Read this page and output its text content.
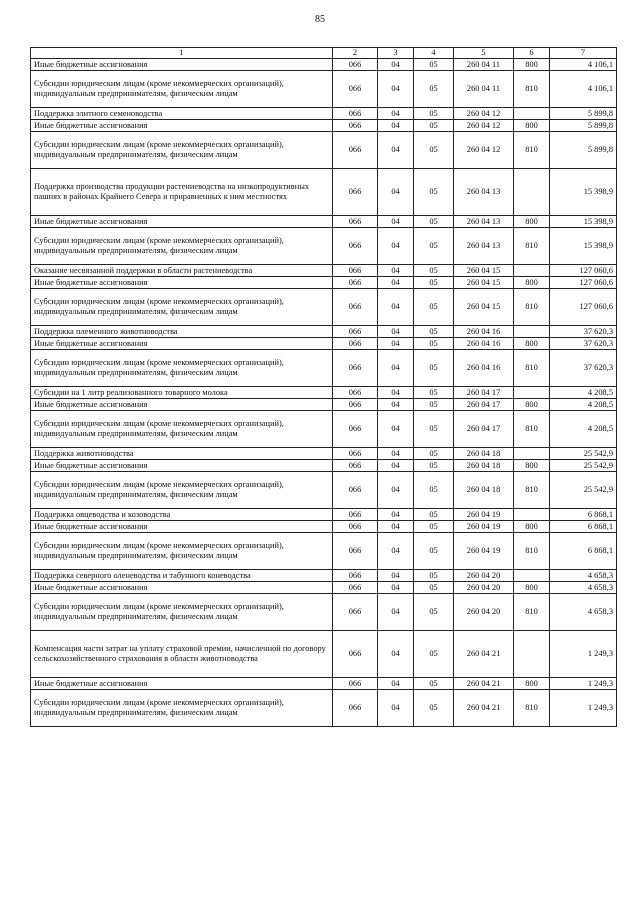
85
1	2	3	4	5	6	7
Иные бюджетные ассигнования	066	04	05	260 04 11	800	4 106,1
Субсидии юридическим лицам (кроме некоммерческих организаций), индивидуальным предпринимателям, физическим лицам	066	04	05	260 04 11	810	4 106,1
Поддержка элитного семеноводства	066	04	05	260 04 12		5 899,8
Иные бюджетные ассигнования	066	04	05	260 04 12	800	5 899,8
Субсидии юридическим лицам (кроме некоммерческих организаций), индивидуальным предпринимателям, физическим лицам	066	04	05	260 04 12	810	5 899,8
Поддержка производства продукции растениеводства на низкопродуктивных пашнях в районах Крайнего Севера и приравненных к ним местностях	066	04	05	260 04 13		15 398,9
Иные бюджетные ассигнования	066	04	05	260 04 13	800	15 398,9
Субсидии юридическим лицам (кроме некоммерческих организаций), индивидуальным предпринимателям, физическим лицам	066	04	05	260 04 13	810	15 398,9
Оказание несвязанной поддержки в области растениеводства	066	04	05	260 04 15		127 060,6
Иные бюджетные ассигнования	066	04	05	260 04 15	800	127 060,6
Субсидии юридическим лицам (кроме некоммерческих организаций), индивидуальным предпринимателям, физическим лицам	066	04	05	260 04 15	810	127 060,6
Поддержка племенного животноводства	066	04	05	260 04 16		37 620,3
Иные бюджетные ассигнования	066	04	05	260 04 16	800	37 620,3
Субсидии юридическим лицам (кроме некоммерческих организаций), индивидуальным предпринимателям, физическим лицам	066	04	05	260 04 16	810	37 620,3
Субсидии на 1 литр реализованного товарного молока	066	04	05	260 04 17		4 208,5
Иные бюджетные ассигнования	066	04	05	260 04 17	800	4 208,5
Субсидии юридическим лицам (кроме некоммерческих организаций), индивидуальным предпринимателям, физическим лицам	066	04	05	260 04 17	810	4 208,5
Поддержка животноводства	066	04	05	260 04 18		25 542,9
Иные бюджетные ассигнования	066	04	05	260 04 18	800	25 542,9
Субсидии юридическим лицам (кроме некоммерческих организаций), индивидуальным предпринимателям, физическим лицам	066	04	05	260 04 18	810	25 542,9
Поддержка овцеводства и козоводства	066	04	05	260 04 19		6 868,1
Иные бюджетные ассигнования	066	04	05	260 04 19	800	6 868,1
Субсидии юридическим лицам (кроме некоммерческих организаций), индивидуальным предпринимателям, физическим лицам	066	04	05	260 04 19	810	6 868,1
Поддержка северного оленеводства и табунного коневодства	066	04	05	260 04 20		4 658,3
Иные бюджетные ассигнования	066	04	05	260 04 20	800	4 658,3
Субсидии юридическим лицам (кроме некоммерческих организаций), индивидуальным предпринимателям, физическим лицам	066	04	05	260 04 20	810	4 658,3
Компенсация части затрат на уплату страховой премии, начисленной по договору сельскохозяйственного страхования в области животноводства	066	04	05	260 04 21		1 249,3
Иные бюджетные ассигнования	066	04	05	260 04 21	800	1 249,3
Субсидии юридическим лицам (кроме некоммерческих организаций), индивидуальным предпринимателям, физическим лицам	066	04	05	260 04 21	810	1 249,3
